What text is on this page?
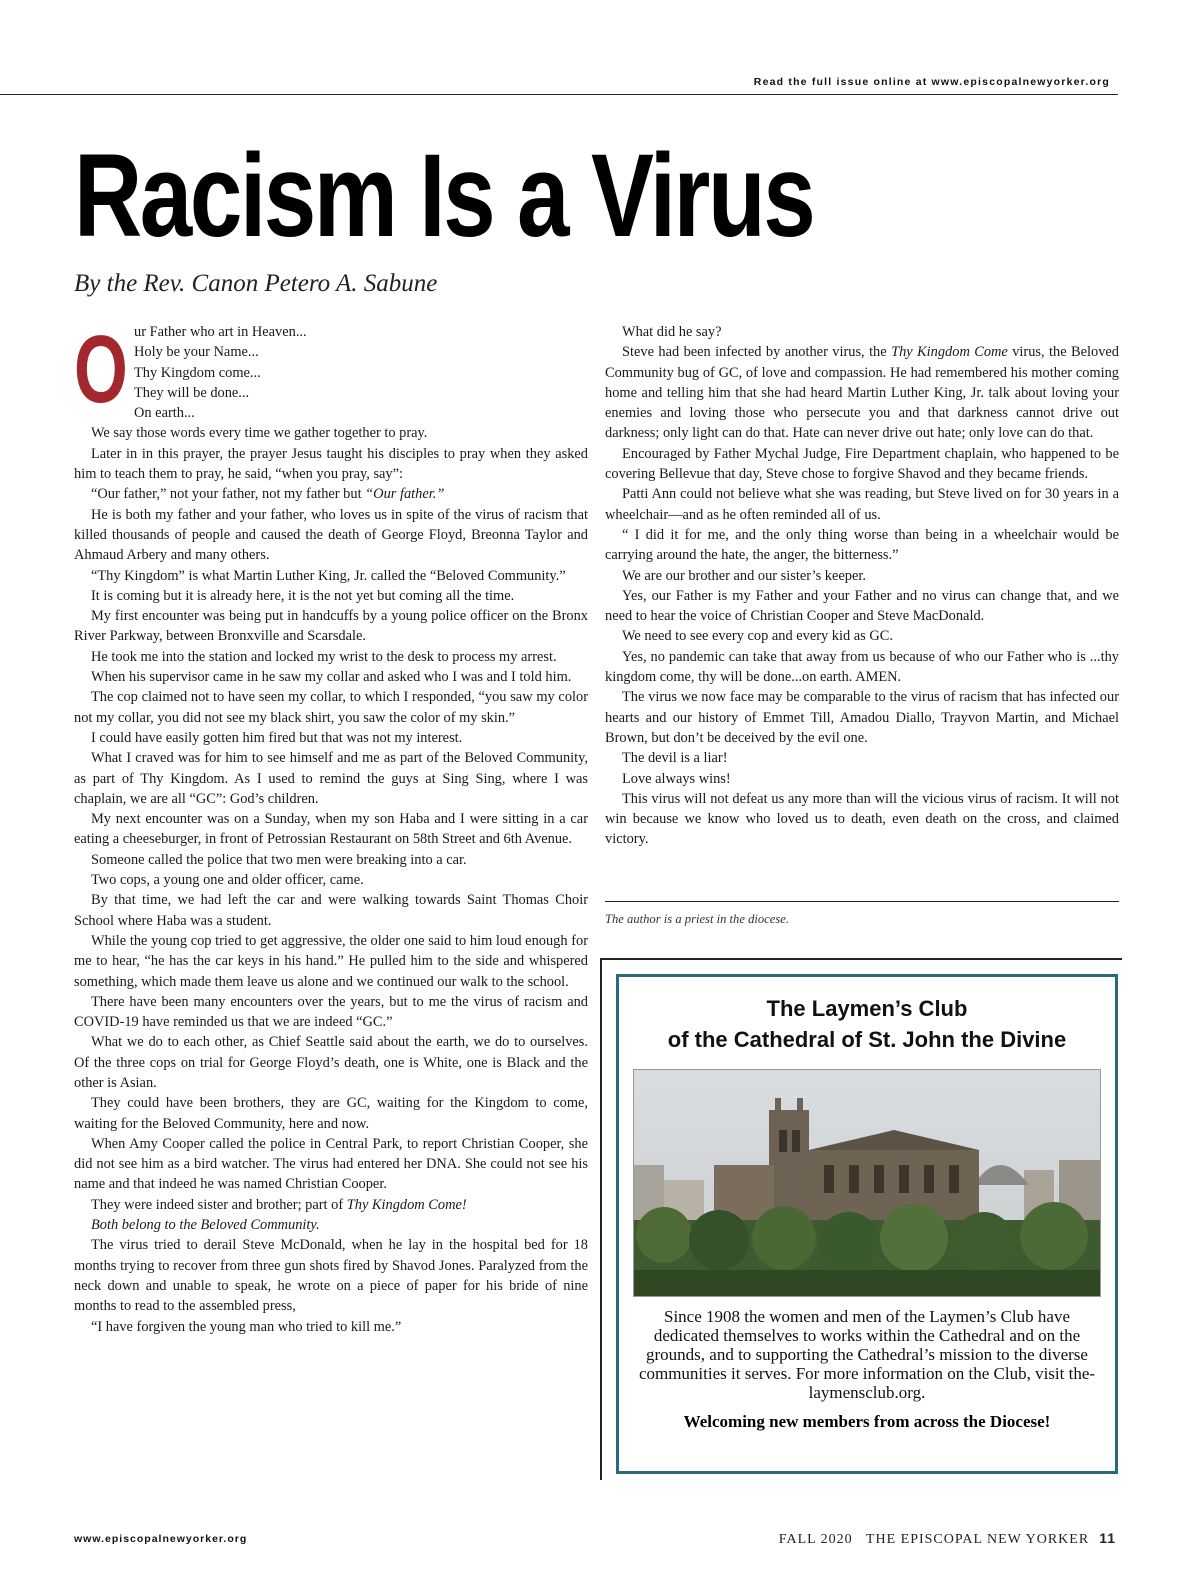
Read the full issue online at www.episcopalnewyorker.org
Racism Is a Virus
By the Rev. Canon Petero A. Sabune
O ur Father who art in Heaven...
Holy be your Name...
Thy Kingdom come...
They will be done...
On earth...

We say those words every time we gather together to pray.

Later in in this prayer, the prayer Jesus taught his disciples to pray when they asked him to teach them to pray, he said, “when you pray, say”:

“Our father,” not your father, not my father but “Our father.”

He is both my father and your father, who loves us in spite of the virus of racism that killed thousands of people and caused the death of George Floyd, Breonna Taylor and Ahmaud Arbery and many others.

“Thy Kingdom” is what Martin Luther King, Jr. called the “Beloved Community.”

It is coming but it is already here, it is the not yet but coming all the time.

My first encounter was being put in handcuffs by a young police officer on the Bronx River Parkway, between Bronxville and Scarsdale.

He took me into the station and locked my wrist to the desk to process my arrest.

When his supervisor came in he saw my collar and asked who I was and I told him.

The cop claimed not to have seen my collar, to which I responded, “you saw my color not my collar, you did not see my black shirt, you saw the color of my skin.”

I could have easily gotten him fired but that was not my interest.

What I craved was for him to see himself and me as part of the Beloved Community, as part of Thy Kingdom. As I used to remind the guys at Sing Sing, where I was chaplain, we are all “GC”: God’s children.

My next encounter was on a Sunday, when my son Haba and I were sitting in a car eating a cheeseburger, in front of Petrossian Restaurant on 58th Street and 6th Avenue.

Someone called the police that two men were breaking into a car.

Two cops, a young one and older officer, came.

By that time, we had left the car and were walking towards Saint Thomas Choir School where Haba was a student.

While the young cop tried to get aggressive, the older one said to him loud enough for me to hear, “he has the car keys in his hand.” He pulled him to the side and whispered something, which made them leave us alone and we continued our walk to the school.

There have been many encounters over the years, but to me the virus of racism and COVID-19 have reminded us that we are indeed “GC.”

What we do to each other, as Chief Seattle said about the earth, we do to ourselves. Of the three cops on trial for George Floyd’s death, one is White, one is Black and the other is Asian.

They could have been brothers, they are GC, waiting for the Kingdom to come, waiting for the Beloved Community, here and now.

When Amy Cooper called the police in Central Park, to report Christian Cooper, she did not see him as a bird watcher. The virus had entered her DNA. She could not see his name and that indeed he was named Christian Cooper.

They were indeed sister and brother; part of Thy Kingdom Come!

Both belong to the Beloved Community.

The virus tried to derail Steve McDonald, when he lay in the hospital bed for 18 months trying to recover from three gun shots fired by Shavod Jones. Paralyzed from the neck down and unable to speak, he wrote on a piece of paper for his bride of nine months to read to the assembled press,

“I have forgiven the young man who tried to kill me.”

What did he say?

Steve had been infected by another virus, the Thy Kingdom Come virus, the Beloved Community bug of GC, of love and compassion. He had remembered his mother coming home and telling him that she had heard Martin Luther King, Jr. talk about loving your enemies and loving those who persecute you and that darkness cannot drive out darkness; only light can do that. Hate can never drive out hate; only love can do that.

Encouraged by Father Mychal Judge, Fire Department chaplain, who happened to be covering Bellevue that day, Steve chose to forgive Shavod and they became friends.

Patti Ann could not believe what she was reading, but Steve lived on for 30 years in a wheelchair—and as he often reminded all of us.

“ I did it for me, and the only thing worse than being in a wheelchair would be carrying around the hate, the anger, the bitterness.”

We are our brother and our sister’s keeper.

Yes, our Father is my Father and your Father and no virus can change that, and we need to hear the voice of Christian Cooper and Steve MacDonald.

We need to see every cop and every kid as GC.

Yes, no pandemic can take that away from us because of who our Father who is ...thy kingdom come, thy will be done...on earth. AMEN.

The virus we now face may be comparable to the virus of racism that has infected our hearts and our history of Emmet Till, Amadou Diallo, Trayvon Martin, and Michael Brown, but don’t be deceived by the evil one.

The devil is a liar!

Love always wins!

This virus will not defeat us any more than will the vicious virus of racism. It will not win because we know who loved us to death, even death on the cross, and claimed victory.

The author is a priest in the diocese.
The Laymen’s Club
of the Cathedral of St. John the Divine
Since 1908 the women and men of the Laymen’s Club have dedicated themselves to works within the Cathedral and on the grounds, and to supporting the Cathedral’s mission to the diverse communities it serves. For more information on the Club, visit the-laymensclub.org.
Welcoming new members from across the Diocese!
www.episcopalnewyorker.org	FALL 2020   THE EPISCOPAL NEW YORKER 11
